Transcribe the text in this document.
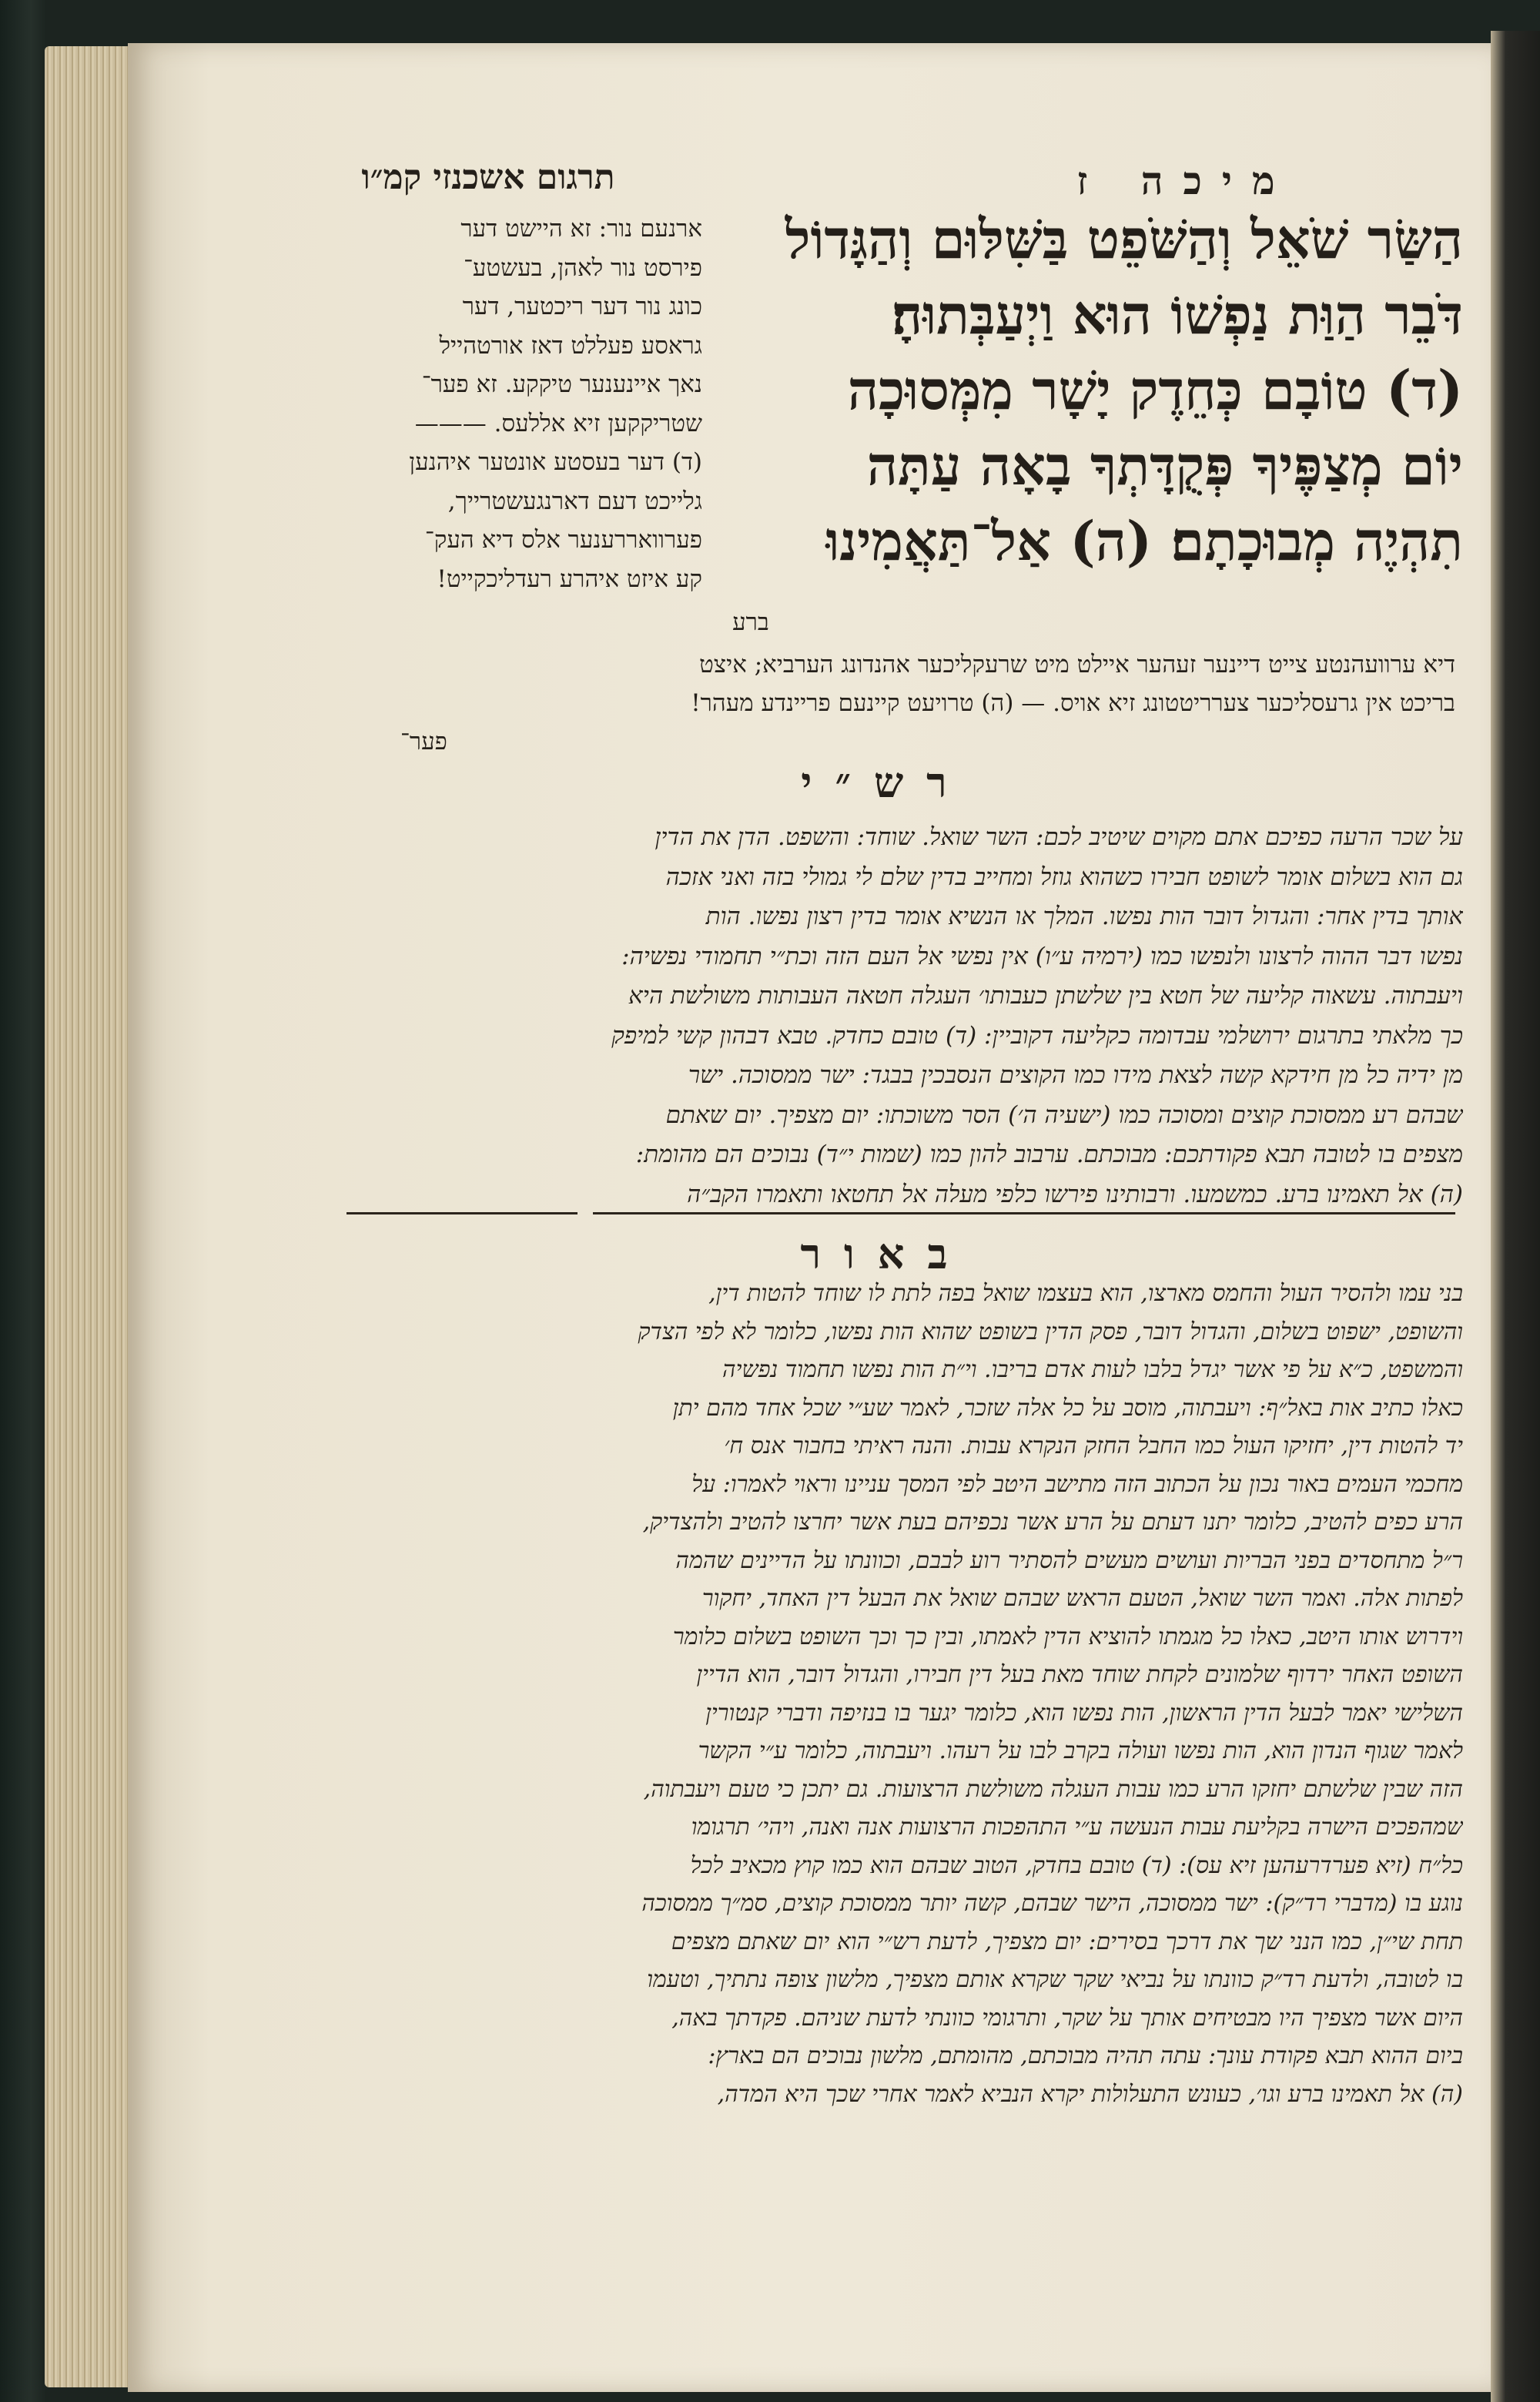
תרגום אשכנזי קמ״ו	מיכה ז
הַשַּׂר שֹׁאֵל וְהַשֹּׁפֵט בַּשִּׁלּוּם וְהַגָּדוֹל
דֹּבֵר הַוַּת נַפְשׁוֹ הוּא וַיְעַבְּתוּהָ׃
(ד) טוֹבָם כְּחֵדֶק יָשָׁר מִמְּסוּכָה
יוֹם מְצַפֶּיךָ פְּקֻדָּתְךָ בָאָה עַתָּה
תִהְיֶה מְבוּכָתָם׃ (ה) אַל־תַּאֲמִינוּ
ברע
ארנעם נור: זא היישט דער
פירסט נור לאהן, בעשטע־
כונג נור דער ריכטער, דער
גראסע פעללט דאז אורטהייל
נאך איינענער טיקקע. זא פער־
שטריקקען זיא אללעס. ———
(ד) דער בעסטע אונטער איהנען
גלייכט דעם דארנגעשטרייך,
פערוואררענער אלס דיא העק־
קע איזט איהרע רעדליכקייט!
דיא ערוועהנטע צייט דיינער זעהער איילט מיט שרעקליכער אהנדונג הערביא; איצט
בריכט אין גרעסליכער צערריטטונג זיא אויס. — (ה) טרויעט קיינעם פריינדע מעהר!
פער־
רש״י
על שכר הרעה כפיכם אתם מקוים שיטיב לכם: השר שואל. שוחד: והשפט. הדן את הדין
גם הוא בשלום אומר לשופט חבירו כשהוא גוזל ומחייב בדין שלם לי גמולי בזה ואני אזכה
אותך בדין אחר: והגדול דובר הות נפשו. המלך או הנשיא אומר בדין רצון נפשו. הות
נפשו דבר ההוה לרצונו ולנפשו כמו (ירמיה ע״ו) אין נפשי אל העם הזה וכת״י תחמודי נפשיה:
ויעבתוה. עשאוה קליעה של חטא בין שלשתן כעבותו׳ העגלה חטאה העבותות משולשת היא
כך מלאתי בתרגום ירושלמי עבדומה כקליעה דקוביין: (ד) טובם כחדק. טבא דבהון קשי למיפק
מן ידיה כל מן חידקא קשה לצאת מידו כמו הקוצים הנסבכין בבגד: ישר ממסוכה. ישר
שבהם רע ממסוכת קוצים ומסוכה כמו (ישעיה ה׳) הסר משוכתו: יום מצפיך. יום שאתם
מצפים בו לטובה תבא פקודתכם: מבוכתם. ערבוב להון כמו (שמות י״ד) נבוכים הם מהומת:
(ה) אל תאמינו ברע. כמשמעו. ורבותינו פירשו כלפי מעלה אל תחטאו ותאמרו הקב״ה
באור
בני עמו ולהסיר העול והחמס מארצו, הוא בעצמו שואל בפה לתת לו שוחד להטות דין,
והשופט, ישפוט בשלום, והגדול דובר, פסק הדין בשופט שהוא הות נפשו, כלומר לא לפי הצדק
והמשפט, כ״א על פי אשר יגדל בלבו לעות אדם בריבו. וי״ת הות נפשו תחמוד נפשיה
כאלו כתיב אות באל״ף: ויעבתוה, מוסב על כל אלה שזכר, לאמר שע״י שכל אחד מהם יתן
יד להטות דין, יחזיקו העול כמו החבל החזק הנקרא עבות. והנה ראיתי בחבור אנס ח׳
מחכמי העמים באור נכון על הכתוב הזה מתישב היטב לפי המסך עניינו וראוי לאמרו: על
הרע כפים להטיב, כלומר יתנו דעתם על הרע אשר נכפיהם בעת אשר יחרצו להטיב ולהצדיק,
ר״ל מתחסדים בפני הבריות ועושים מעשים להסתיר רוע לבבם, וכוונתו על הדיינים שהמה
לפתות אלה. ואמר השר שואל, הטעם הראש שבהם שואל את הבעל דין האחד, יחקור
וידרוש אותו היטב, כאלו כל מגמתו להוציא הדין לאמתו, ובין כך וכך השופט בשלום כלומר
השופט האחר ירדוף שלמונים לקחת שוחד מאת בעל דין חבירו, והגדול דובר, הוא הדיין
השלישי יאמר לבעל הדין הראשון, הות נפשו הוא, כלומר יגער בו בנזיפה ודברי קנטורין
לאמר שגוף הנדון הוא, הות נפשו ועולה בקרב לבו על רעהו. ויעבתוה, כלומר ע״י הקשר
הזה שבין שלשתם יחזקו הרע כמו עבות העגלה משולשת הרצועות. גם יתכן כי טעם ויעבתוה,
שמהפכים הישרה בקליעת עבות הנעשה ע״י התהפכות הרצועות אנה ואנה, ויהי׳ תרגומו
כל״ח (זיא פערדרעהען זיא עס): (ד) טובם בחדק, הטוב שבהם הוא כמו קוץ מכאיב לכל
נוגע בו (מדברי רד״ק): ישר ממסוכה, הישר שבהם, קשה יותר ממסוכת קוצים, סמ״ך ממסוכה
תחת שי״ן, כמו הנני שך את דרכך בסירים: יום מצפיך, לדעת רש״י הוא יום שאתם מצפים
בו לטובה, ולדעת רד״ק כוונתו על נביאי שקר שקרא אותם מצפיך, מלשון צופה נתתיך, וטעמו
היום אשר מצפיך היו מבטיחים אותך על שקר, ותרגומי כוונתי לדעת שניהם. פקדתך באה,
ביום ההוא תבא פקודת עונך: עתה תהיה מבוכתם, מהומתם, מלשון נבוכים הם בארץ:
(ה) אל תאמינו ברע וגו׳, כעונש התעלולות יקרא הנביא לאמר אחרי שכך היא המדה,
